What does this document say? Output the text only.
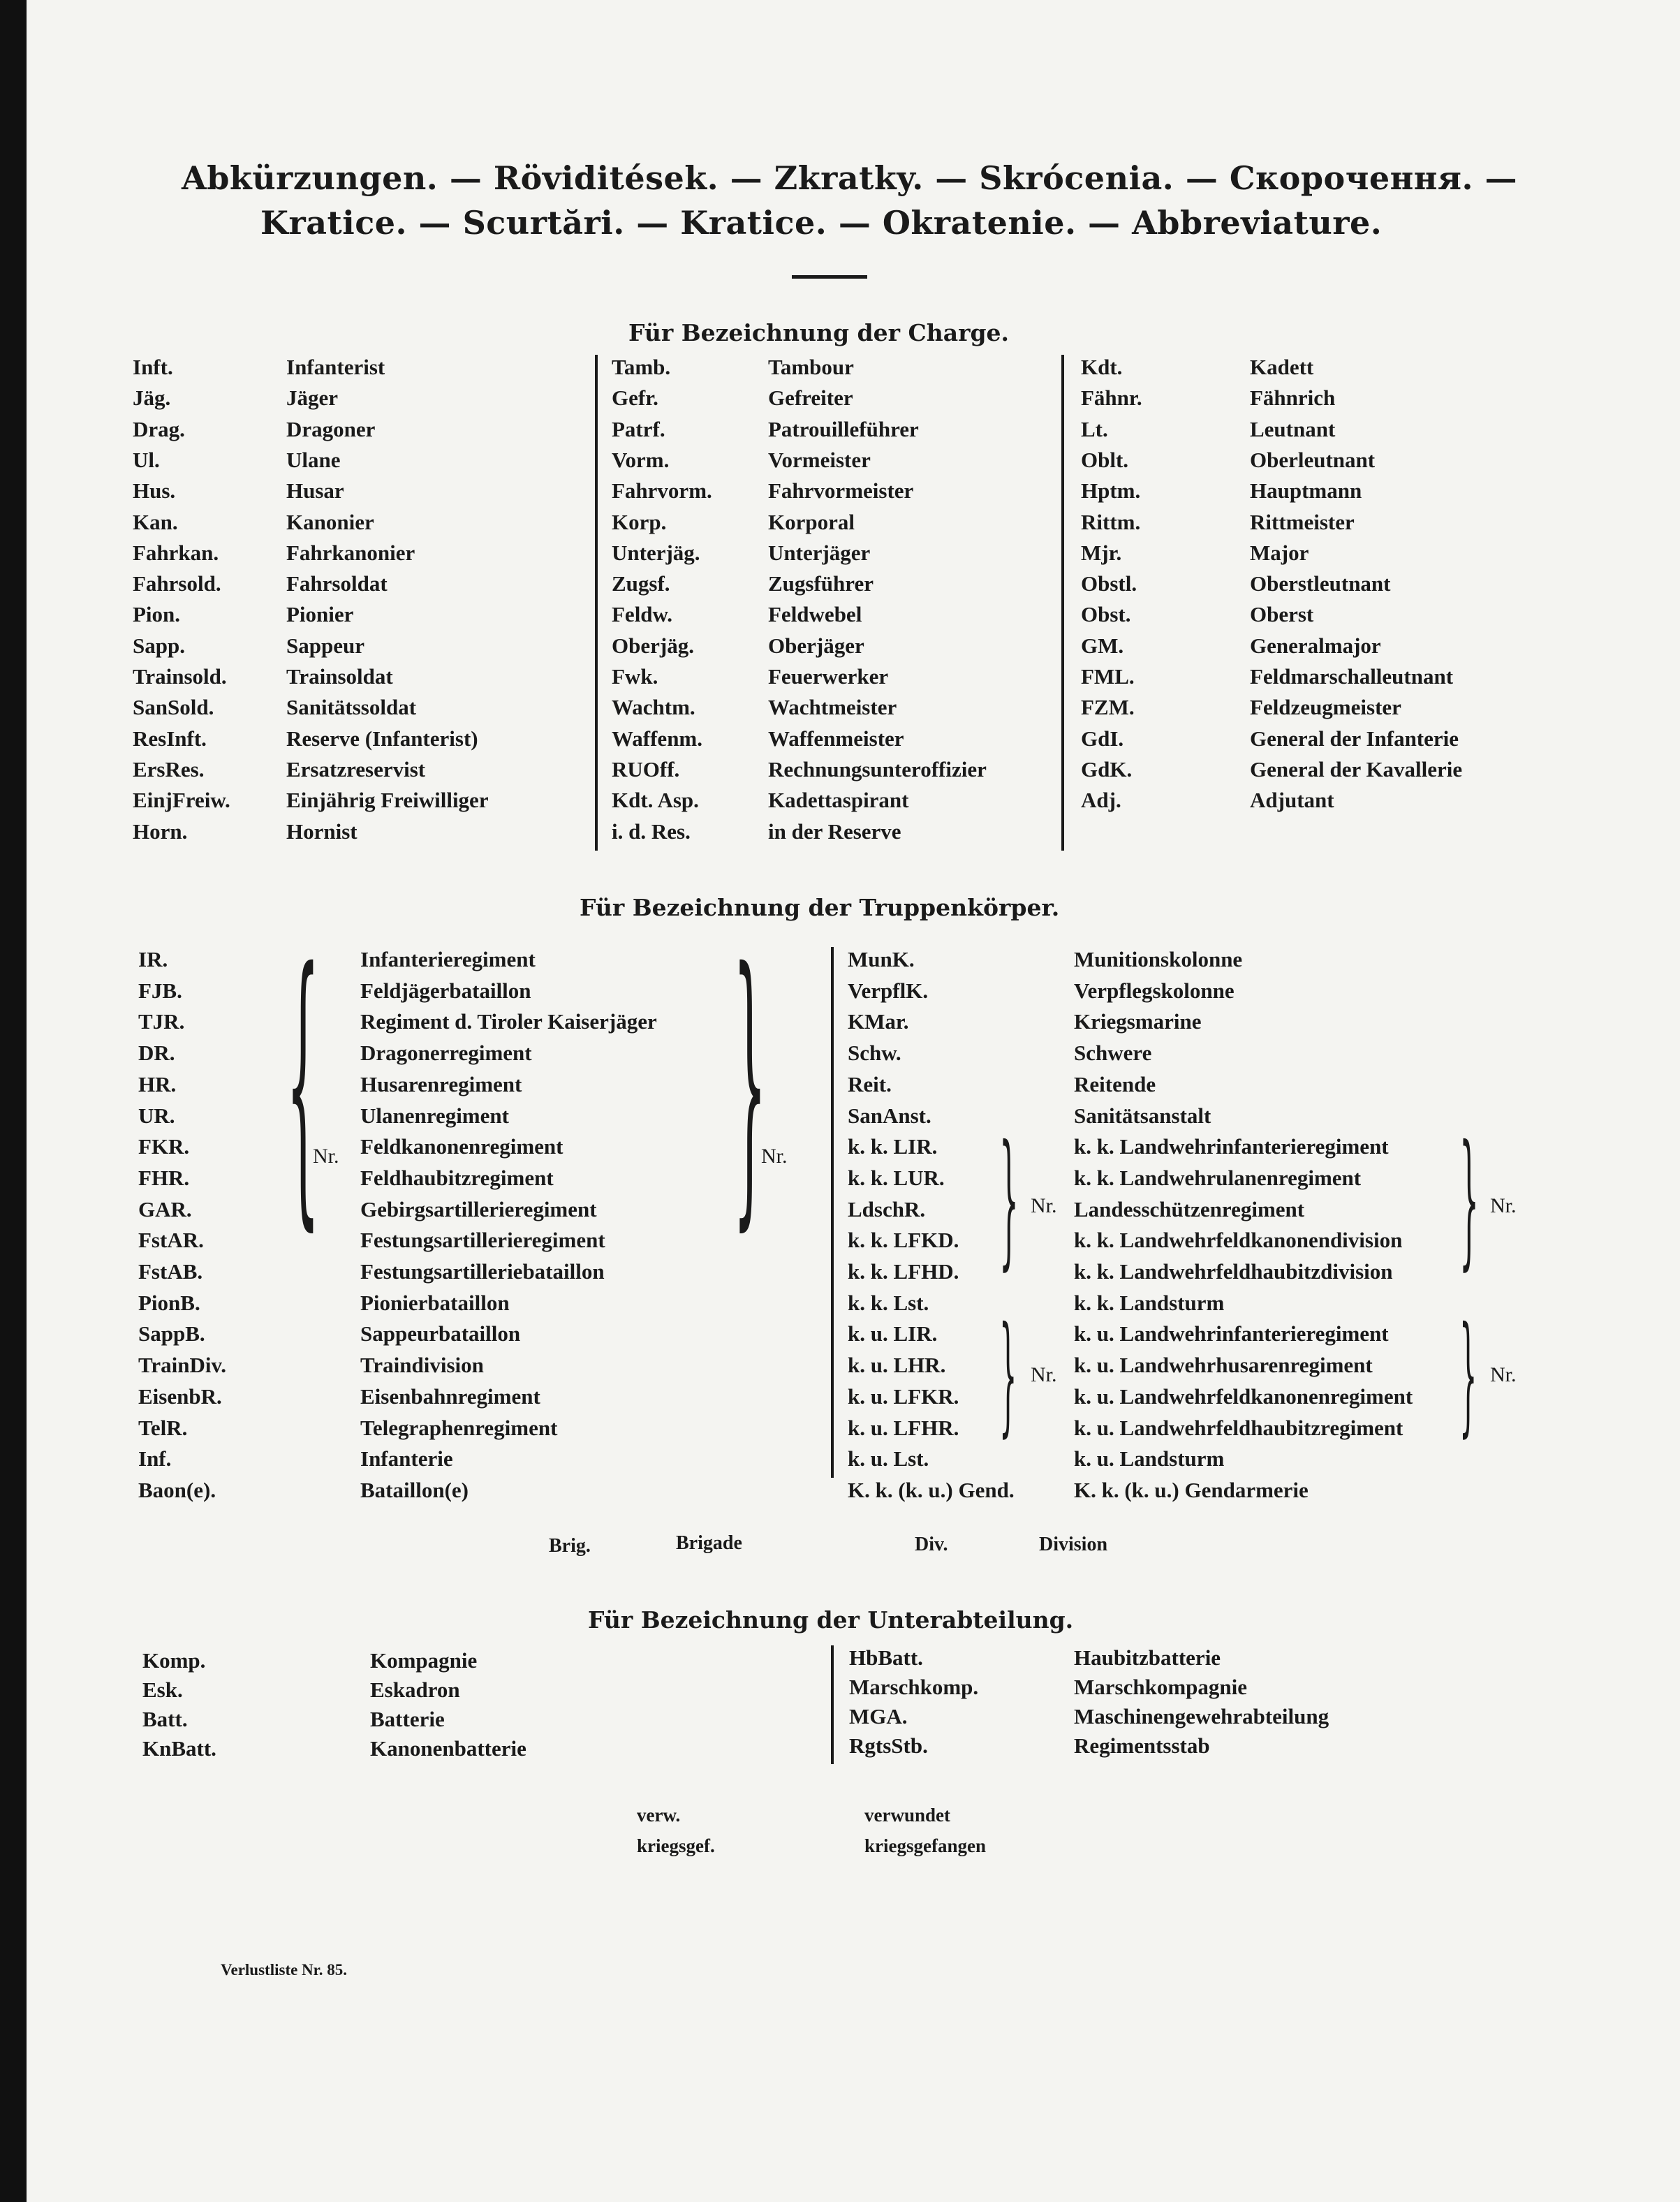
Inft.	Infanterist
Jäg.	Jäger
Drag.	Dragoner
Ul.	Ulane
Hus.	Husar
Kan.	Kanonier
Fahrkan.	Fahrkanonier
Fahrsold.	Fahrsoldat
Pion.	Pionier
Sapp.	Sappeur
Trainsold.	Trainsoldat
SanSold.	Sanitätssoldat
ResInft.	Reserve (Infanterist)
ErsRes.	Ersatzreservist
EinjFreiw.	Einjährig Freiwilliger
Horn.	Hornist
Tamb.	Tambour
Gefr.	Gefreiter
Patrf.	Patrouilleführer
Vorm.	Vormeister
Fahrvorm.	Fahrvormeister
Korp.	Korporal
Unterjäg.	Unterjäger
Zugsf.	Zugsführer
Feldw.	Feldwebel
Oberjäg.	Oberjäger
Fwk.	Feuerwerker
Wachtm.	Wachtmeister
Waffenm.	Waffenmeister
RUOff.	Rechnungsunteroffizier
Kdt. Asp.	Kadettaspirant
i. d. Res.	in der Reserve
Kdt.	Kadett
Fähnr.	Fähnrich
Lt.	Leutnant
Oblt.	Oberleutnant
Hptm.	Hauptmann
Rittm.	Rittmeister
Mjr.	Major
Obstl.	Oberstleutnant
Obst.	Oberst
GM.	Generalmajor
FML.	Feldmarschalleutnant
FZM.	Feldzeugmeister
GdI.	General der Infanterie
GdK.	General der Kavallerie
Adj.	Adjutant
IR.	Infanterieregiment
FJB.	Feldjägerbataillon
TJR.	Regiment d. Tiroler Kaiserjäger
DR.	Dragonerregiment
HR.	Husarenregiment
UR.	Ulanenregiment
FKR.	Feldkanonenregiment
FHR.	Feldhaubitzregiment
GAR.	Gebirgsartillerieregiment
FstAR.	Festungsartillerieregiment
FstAB.	Festungsartilleriebataillon
PionB.	Pionierbataillon
SappB.	Sappeurbataillon
TrainDiv.	Traindivision
EisenbR.	Eisenbahnregiment
TelR.	Telegraphenregiment
Inf.	Infanterie
Baon(e).	Bataillon(e)
MunK.	Munitionskolonne
VerpflK.	Verpflegskolonne
KMar.	Kriegsmarine
Schw.	Schwere
Reit.	Reitende
SanAnst.	Sanitätsanstalt
k. k. LIR.	k. k. Landwehrinfanterieregiment
k. k. LUR.	k. k. Landwehrulanenregiment
LdschR.	Landesschützenregiment
k. k. LFKD.	k. k. Landwehrfeldkanonendivision
k. k. LFHD.	k. k. Landwehrfeldhaubitzdivision
k. k. Lst.	k. k. Landsturm
k. u. LIR.	k. u. Landwehrinfanterieregiment
k. u. LHR.	k. u. Landwehrhusarenregiment
k. u. LFKR.	k. u. Landwehrfeldkanonenregiment
k. u. LFHR.	k. u. Landwehrfeldhaubitzregiment
k. u. Lst.	k. u. Landsturm
K. k. (k. u.) Gend.	K. k. (k. u.) Gendarmerie
Komp.	Kompagnie
Esk.	Eskadron
Batt.	Batterie
KnBatt.	Kanonenbatterie
HbBatt.	Haubitzbatterie
Marschkomp.	Marschkompagnie
MGA.	Maschinengewehrabteilung
RgtsStb.	Regimentsstab
Abkürzungen. — Röviditések. — Zkratky. — Skrócenia. — Скорочення. —
Kratice. — Scurtări. — Kratice. — Okratenie. — Abbreviature.
Für Bezeichnung der Charge.
Für Bezeichnung der Truppenkörper.
{
Nr. }
Nr.	} Nr.	} Nr.
} Nr.	} Nr.
Brig.	Brigade	Div.	Division
Für Bezeichnung der Unterabteilung.
verw.	verwundet
kriegsgef.	kriegsgefangen
Verlustliste Nr. 85.
